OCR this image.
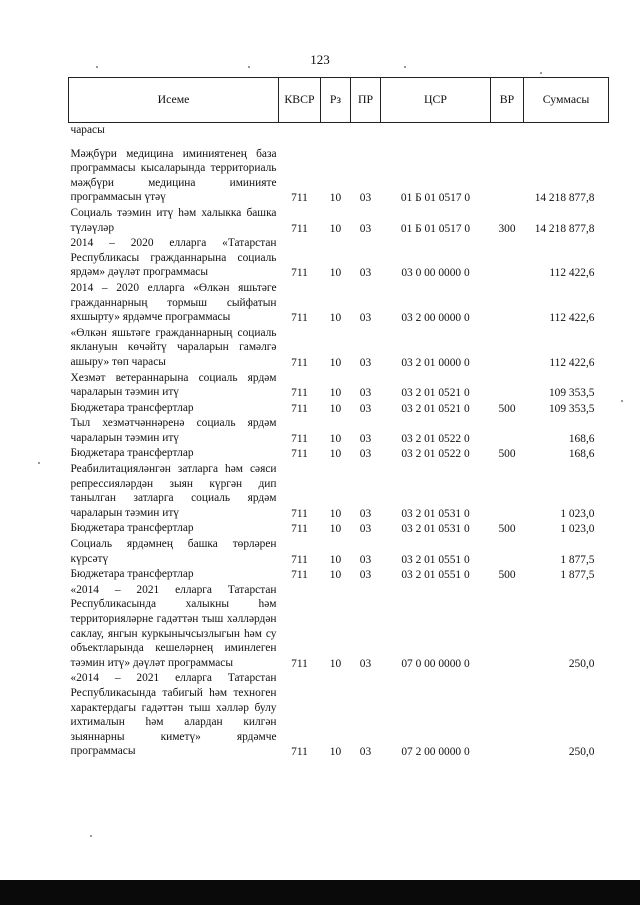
123
Исеме	КВСР	Рз	ПР	ЦСР	ВР	Суммасы
чарасы						
Мәҗбүри медицина иминиятенең база программасы кысаларында территориаль мәҗбүри медицина иминияте программасын үтәү	711	10	03	01 Б 01 0517 0		14 218 877,8
Социаль тәэмин итү һәм халыкка башка түләүләр	711	10	03	01 Б 01 0517 0	300	14 218 877,8
2014 – 2020 елларга «Татарстан Республикасы гражданнарына социаль ярдәм» дәүләт программасы	711	10	03	03 0 00 0000 0		112 422,6
2014 – 2020 елларга «Өлкән яшьтәге гражданнарның тормыш сыйфатын яхшырту» ярдәмче программасы	711	10	03	03 2 00 0000 0		112 422,6
«Өлкән яшьтәге гражданнарның социаль яклануын көчәйтү чараларын гамәлгә ашыру» төп чарасы	711	10	03	03 2 01 0000 0		112 422,6
Хезмәт ветераннарына социаль ярдәм чараларын тәэмин итү	711	10	03	03 2 01 0521 0		109 353,5
Бюджетара трансфертлар	711	10	03	03 2 01 0521 0	500	109 353,5
Тыл хезмәтчәннәренә социаль ярдәм чараларын тәэмин итү	711	10	03	03 2 01 0522 0		168,6
Бюджетара трансфертлар	711	10	03	03 2 01 0522 0	500	168,6
Реабилитацияләнгән затларга һәм сәяси репрессияләрдән зыян күргән дип танылган затларга социаль ярдәм чараларын тәэмин итү	711	10	03	03 2 01 0531 0		1 023,0
Бюджетара трансфертлар	711	10	03	03 2 01 0531 0	500	1 023,0
Социаль ярдәмнең башка төрләрен күрсәтү	711	10	03	03 2 01 0551 0		1 877,5
Бюджетара трансфертлар	711	10	03	03 2 01 0551 0	500	1 877,5
«2014 – 2021 елларга Татарстан Республикасында халыкны һәм территорияләрне гадәттән тыш хәлләрдән саклау, янгын куркынычсызлыгын һәм су объектларында кешеләрнең иминлеген тәэмин итү» дәүләт программасы	711	10	03	07 0 00 0000 0		250,0
«2014 – 2021 елларга Татарстан Республикасында табигый һәм техноген характердагы гадәттән тыш хәлләр булу ихтималын һәм алардан килгән зыяннарны киметү» ярдәмче программасы	711	10	03	07 2 00 0000 0		250,0
